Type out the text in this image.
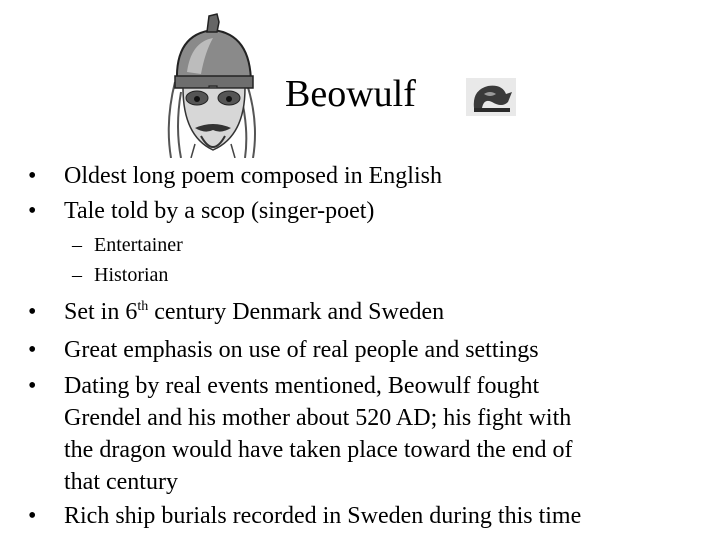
Beowulf
•	Oldest long poem composed in English
•	Tale told by a scop (singer-poet)
– Entertainer
– Historian
•	Set in 6th century Denmark and Sweden
•	Great emphasis on use of real people and settings
•	Dating by real events mentioned, Beowulf fought
Grendel and his mother about 520 AD; his fight with
the dragon would have taken place toward the end of
that century
•	Rich ship burials recorded in Sweden during this time
